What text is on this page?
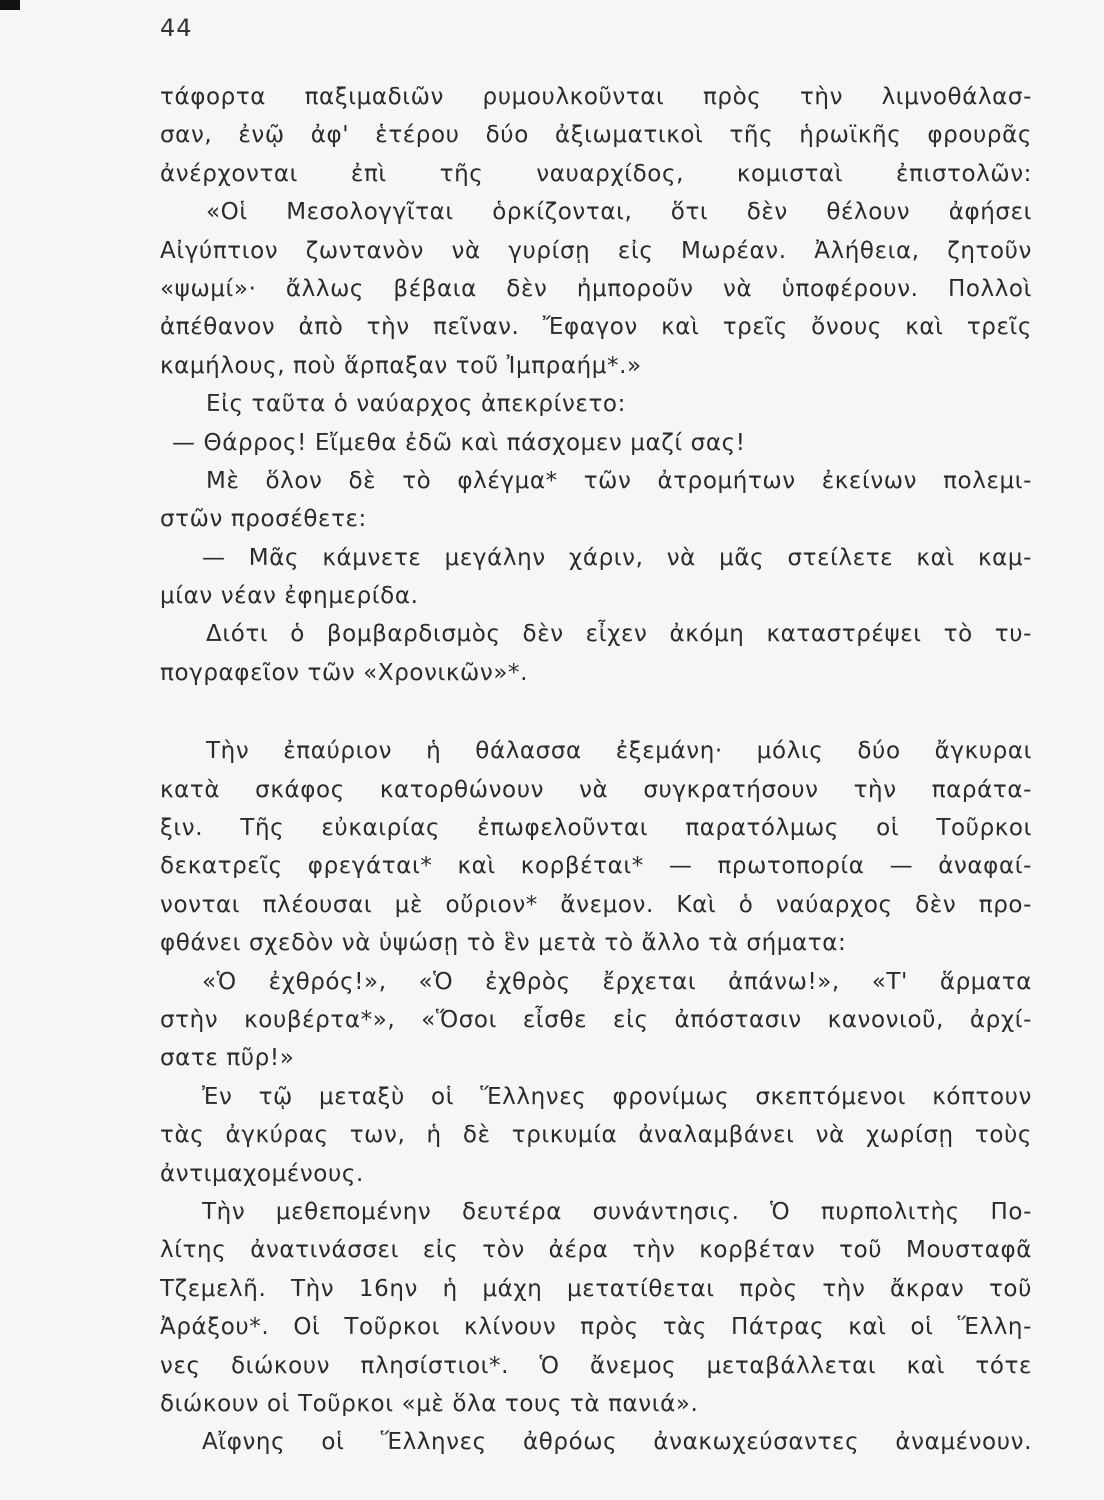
44
τάφορτα παξιμαδιῶν ρυμουλκοῦνται πρὸς τὴν λιμνοθάλασ-
σαν, ἐνῷ ἀφ' ἑτέρου δύο ἀξιωματικοὶ τῆς ἡρωϊκῆς φρουρᾶς
ἀνέρχονται ἐπὶ τῆς ναυαρχίδος, κομισταὶ ἐπιστολῶν:
«Οἱ Μεσολογγῖται ὁρκίζονται, ὅτι δὲν θέλουν ἀφήσει
Αἰγύπτιον ζωντανὸν νὰ γυρίσῃ εἰς Μωρέαν. Ἀλήθεια, ζητοῦν
«ψωμί»· ἄλλως βέβαια δὲν ἠμποροῦν νὰ ὑποφέρουν. Πολλοὶ
ἀπέθανον ἀπὸ τὴν πεῖναν. Ἔφαγον καὶ τρεῖς ὄνους καὶ τρεῖς
καμήλους, ποὺ ἅρπαξαν τοῦ Ἰμπραήμ*.»
Εἰς ταῦτα ὁ ναύαρχος ἀπεκρίνετο:
— Θάρρος! Εἴμεθα ἐδῶ καὶ πάσχομεν μαζί σας!
Μὲ ὅλον δὲ τὸ φλέγμα* τῶν ἀτρομήτων ἐκείνων πολεμι-
στῶν προσέθετε:
— Μᾶς κάμνετε μεγάλην χάριν, νὰ μᾶς στείλετε καὶ καμ-
μίαν νέαν ἐφημερίδα.
Διότι ὁ βομβαρδισμὸς δὲν εἶχεν ἀκόμη καταστρέψει τὸ τυ-
πογραφεῖον τῶν «Χρονικῶν»*.
Τὴν ἐπαύριον ἡ θάλασσα ἐξεμάνη· μόλις δύο ἄγκυραι
κατὰ σκάφος κατορθώνουν νὰ συγκρατήσουν τὴν παράτα-
ξιν. Τῆς εὐκαιρίας ἐπωφελοῦνται παρατόλμως οἱ Τοῦρκοι
δεκατρεῖς φρεγάται* καὶ κορβέται* — πρωτοπορία — ἀναφαί-
νονται πλέουσαι μὲ οὔριον* ἄνεμον. Καὶ ὁ ναύαρχος δὲν προ-
φθάνει σχεδὸν νὰ ὑψώσῃ τὸ ἓν μετὰ τὸ ἄλλο τὰ σήματα:
«Ὁ ἐχθρός!», «Ὁ ἐχθρὸς ἔρχεται ἀπάνω!», «Τ' ἅρματα
στὴν κουβέρτα*», «Ὅσοι εἶσθε εἰς ἀπόστασιν κανονιοῦ, ἀρχί-
σατε πῦρ!»
Ἐν τῷ μεταξὺ οἱ Ἕλληνες φρονίμως σκεπτόμενοι κόπτουν
τὰς ἀγκύρας των, ἡ δὲ τρικυμία ἀναλαμβάνει νὰ χωρίσῃ τοὺς
ἀντιμαχομένους.
Τὴν μεθεπομένην δευτέρα συνάντησις. Ὁ πυρπολιτὴς Πο-
λίτης ἀνατινάσσει εἰς τὸν ἀέρα τὴν κορβέταν τοῦ Μουσταφᾶ
Τζεμελῆ. Τὴν 16ην ἡ μάχη μετατίθεται πρὸς τὴν ἄκραν τοῦ
Ἀράξου*. Οἱ Τοῦρκοι κλίνουν πρὸς τὰς Πάτρας καὶ οἱ Ἕλλη-
νες διώκουν πλησίστιοι*. Ὁ ἄνεμος μεταβάλλεται καὶ τότε
διώκουν οἱ Τοῦρκοι «μὲ ὅλα τους τὰ πανιά».
Αἴφνης οἱ Ἕλληνες ἀθρόως ἀνακωχεύσαντες ἀναμένουν.
